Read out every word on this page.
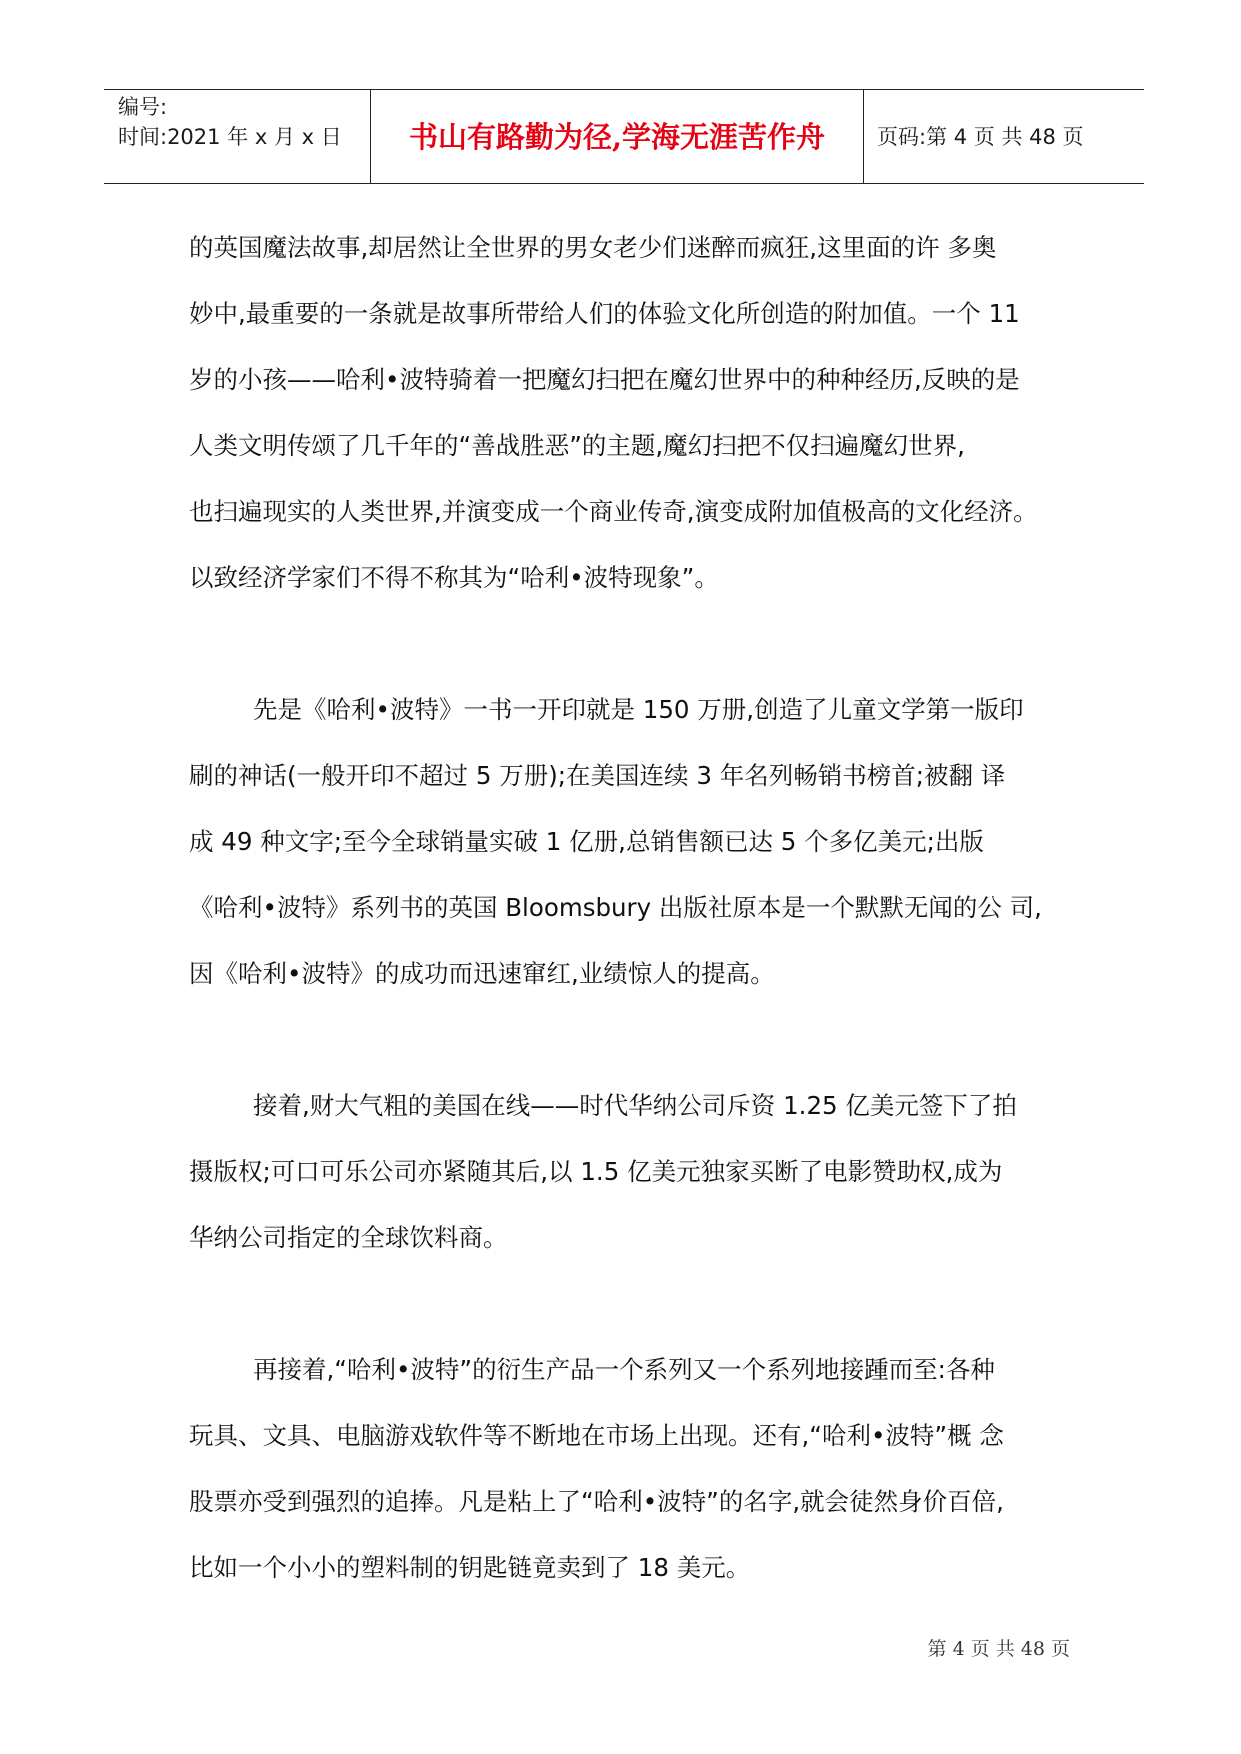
编号:
时间:2021 年 x 月 x 日	书山有路勤为径,学海无涯苦作舟	页码:第 4 页 共 48 页

的英国魔法故事,却居然让全世界的男女老少们迷醉而疯狂,这里面的许 多奥
妙中,最重要的一条就是故事所带给人们的体验文化所创造的附加值。一个 11
岁的小孩——哈利•波特骑着一把魔幻扫把在魔幻世界中的种种经历,反映的是
人类文明传颂了几千年的“善战胜恶”的主题,魔幻扫把不仅扫遍魔幻世界,
也扫遍现实的人类世界,并演变成一个商业传奇,演变成附加值极高的文化经济。
以致经济学家们不得不称其为“哈利•波特现象”。

先是《哈利•波特》一书一开印就是 150 万册,创造了儿童文学第一版印
刷的神话(一般开印不超过 5 万册);在美国连续 3 年名列畅销书榜首;被翻 译
成 49 种文字;至今全球销量实破 1 亿册,总销售额已达 5 个多亿美元;出版
《哈利•波特》系列书的英国 Bloomsbury 出版社原本是一个默默无闻的公 司,
因《哈利•波特》的成功而迅速窜红,业绩惊人的提高。

接着,财大气粗的美国在线——时代华纳公司斥资 1.25 亿美元签下了拍
摄版权;可口可乐公司亦紧随其后,以 1.5 亿美元独家买断了电影赞助权,成为
华纳公司指定的全球饮料商。

再接着,“哈利•波特”的衍生产品一个系列又一个系列地接踵而至:各种
玩具、文具、电脑游戏软件等不断地在市场上出现。还有,“哈利•波特”概 念
股票亦受到强烈的追捧。凡是粘上了“哈利•波特”的名字,就会徒然身价百倍,
比如一个小小的塑料制的钥匙链竟卖到了 18 美元。

第 4 页 共 48 页
